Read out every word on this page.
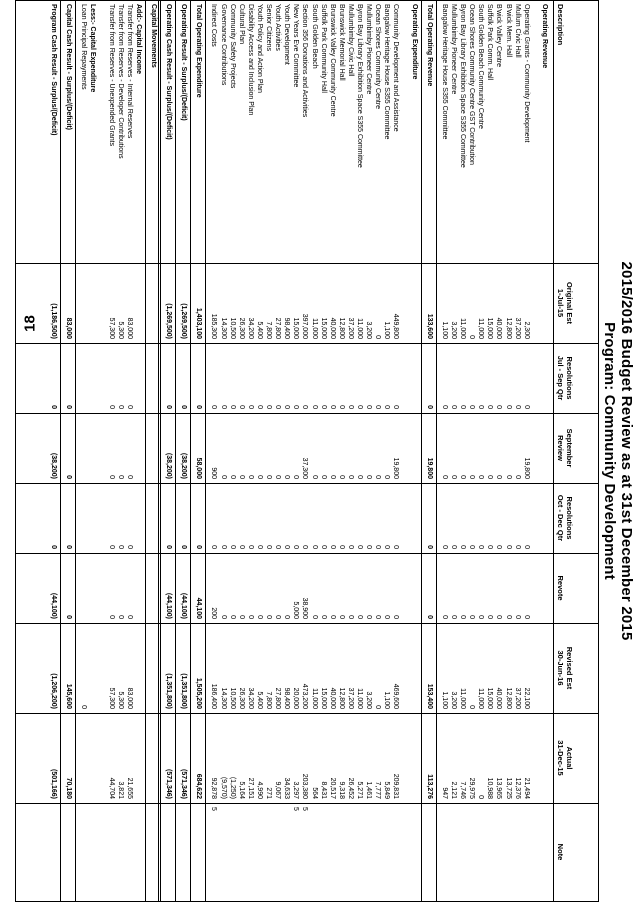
2015/2016 Budget Review as at 31st December 2015
Program: Community Development
Description
Original Est
1-Jul-15
Resolutions
Jul - Sep Qtr
September
Review
Resolutions
Oct - Dec Qtr
Revote
Revised Est
30-Jun-16
Actual
31-Dec-15
Note
Operating Revenue
Operating Grants - Community Development
2,300
0
19,800
0
0
22,100
21,494
Mullum Civic Hall
37,200
0
0
0
0
37,200
12,376
B'wick Mem. Hall
12,800
0
0
0
0
12,800
13,725
B'wick Valley Centre
40,000
0
0
0
0
40,000
13,965
Suffolk Park Comm. Hall
15,000
0
0
0
0
15,000
10,988
South Golden Beach Community Centre
11,000
0
0
0
0
11,000
0
Ocean Shores Community Centre GST Contribution
0
0
0
0
0
0
29,975
Byron Bay Library Exhibition Space S355 Committee
11,000
0
0
0
0
11,000
7,746
Mullumbimby Pioneer Centre
3,200
0
0
0
0
3,200
2,121
Bangalow Heritage House S355 Committee
1,100
0
0
0
0
1,100
947
Total Operating Revenue
133,600
0
19,800
0
0
153,400
113,276
Operating Expenditure
Community Development and Assistance
449,800
0
19,800
0
0
469,600
209,831
Bangalow Heritage House S355 Committee
1,100
0
0
0
0
1,100
5,849
Ocean Shores Community Centre
0
0
0
0
0
0
7,777
Mullumbimby Pioneer Centre
3,200
0
0
0
0
3,200
1,461
Byron Bay Library Exhibition Space S355 Committee
11,000
0
0
0
0
11,000
5,271
Mullumbimby Civic Hall
37,200
0
0
0
0
37,200
26,452
Brunswick Memorial Hall
12,800
0
0
0
0
12,800
9,318
Brunswick Valley Community Centre
40,000
0
0
0
0
40,000
20,517
Suffolk Park Community Hall
15,000
0
0
0
0
15,000
8,431
South Golden Beach
11,000
0
0
0
0
11,000
564
Section 356 Donations and Activities
397,000
0
37,300
0
38,900
473,200
203,380
5
New Years Eve Committee
15,000
0
0
0
5,000
20,000
3,297
5
Youth Development
98,400
0
0
0
0
98,400
34,633
Youth Activities
27,800
0
0
0
0
27,800
9,067
Senior Citizens
7,800
0
0
0
0
7,800
271
Youth Policy and Action Plan
5,400
0
0
0
0
5,400
4,990
Disability Access and Inclusion Plan
34,200
0
0
0
0
34,200
27,151
Cultural Plan
26,300
0
0
0
0
26,300
5,164
Community Safety Projects
10,500
0
0
0
0
10,500
(1,250)
Governance Contributions
14,300
0
0
0
0
14,300
(9,570)
Indirect Costs
185,300
0
900
0
200
186,400
92,878
5
Total Operating Expenditure
1,403,100
0
58,000
0
44,100
1,505,200
684,622
Operating Result - Surplus/(Deficit)
(1,269,500)
0
(38,200)
0
(44,100)
(1,351,800)
(571,346)
Operating Cash Result - Surplus/(Deficit)
(1,269,500)
0
(38,200)
0
(44,100)
(1,351,800)
(571,346)
Capital Movements
Add:- Capital Income
Transfer from Reserves - Internal Reserves
83,000
0
0
0
0
83,000
21,655
Transfer from Reserves - Developer Contributions
5,300
0
0
0
0
5,300
3,821
Transfer from Reserves - Unexpended Grants
57,300
0
0
0
0
57,300
44,704
Less:- Capital Expenditure
Loan Principal Repayments
0
Capital Cash Result - Surplus/(Deficit)
83,000
0
0
0
0
145,600
70,180
Program Cash Result - Surplus/(Deficit)
(1,186,500)
0
(38,200)
0
(44,100)
(1,206,200)
(501,166)
18
